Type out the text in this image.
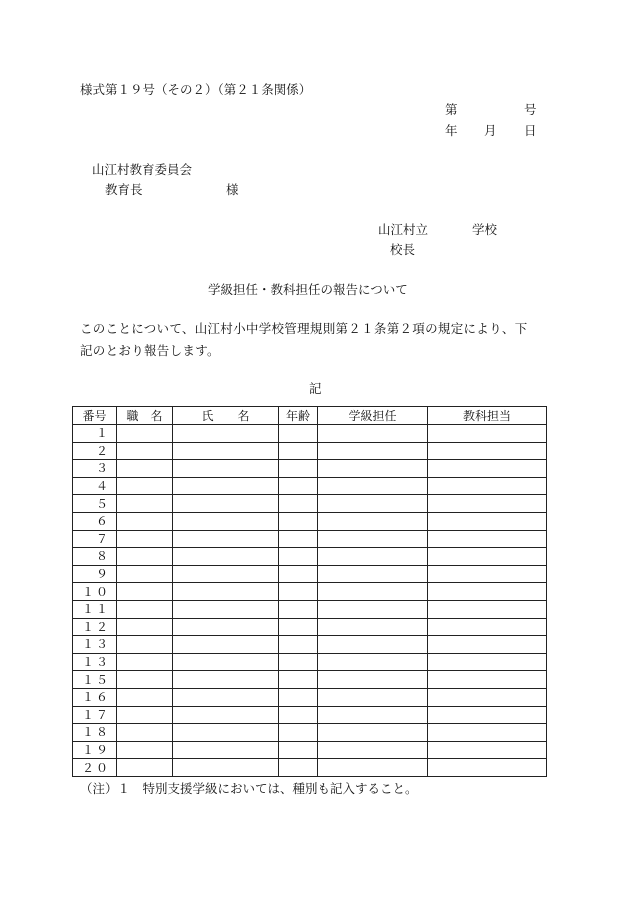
様式第１９号（その２）（第２１条関係）
第	号
年 月 日
山江村教育委員会
教育長	様
山江村立	学校
校長
学級担任・教科担任の報告について
このことについて、山江村小中学校管理規則第２１条第２項の規定により、下
記のとおり報告します。
記
番号	職　名	氏　　名	年齢	学級担任	教科担当
１					
２					
３					
４					
５					
６					
７					
８					
９					
１０					
１１					
１２					
１３					
１３					
１５					
１６					
１７					
１８					
１９					
２０					
（注）１　特別支援学級においては、種別も記入すること。
